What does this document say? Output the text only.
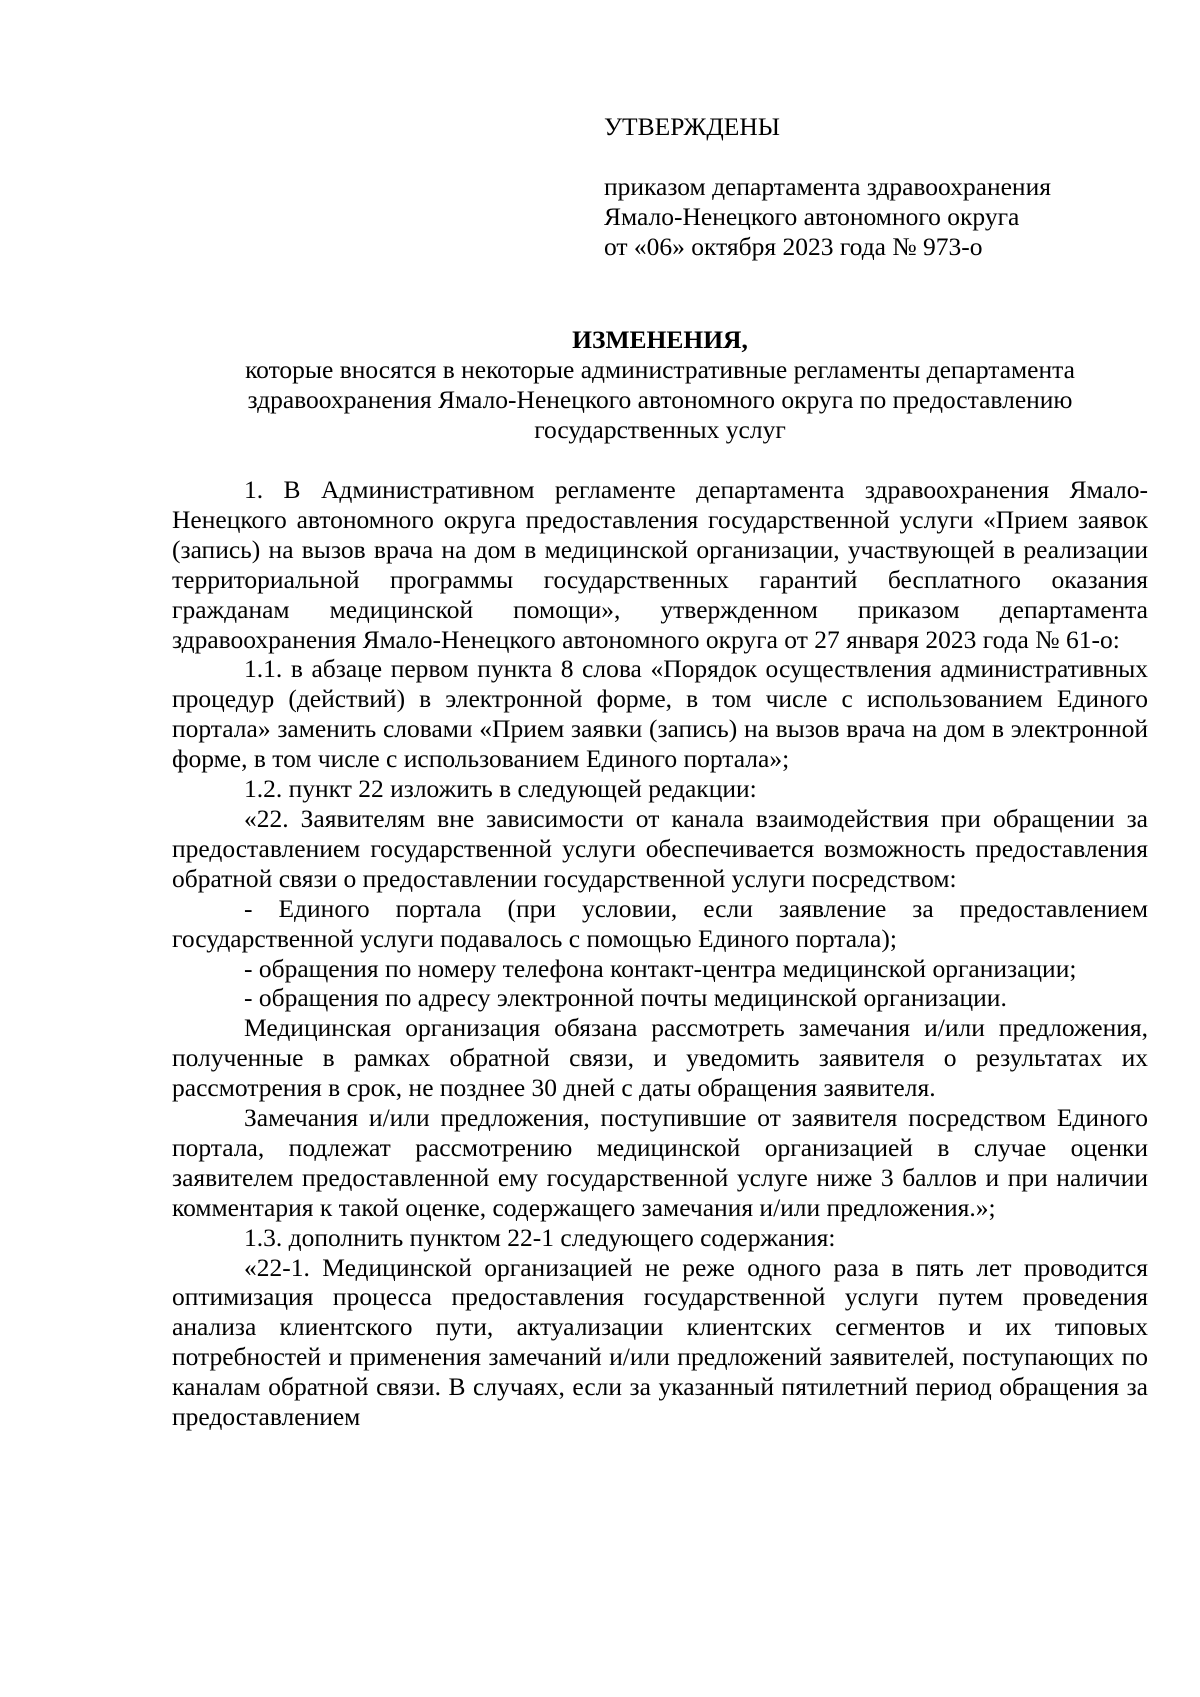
УТВЕРЖДЕНЫ

приказом департамента здравоохранения

Ямало-Ненецкого автономного округа

от «06» октября 2023 года № 973-о

ИЗМЕНЕНИЯ,

которые вносятся в некоторые административные регламенты департамента

здравоохранения Ямало-Ненецкого автономного округа по предоставлению

государственных услуг

1. В Административном регламенте департамента здравоохранения Ямало-Ненецкого автономного округа предоставления государственной услуги «Прием заявок (запись) на вызов врача на дом в медицинской организации, участвующей в реализации территориальной программы государственных гарантий бесплатного оказания гражданам медицинской помощи», утвержденном приказом департамента здравоохранения Ямало-Ненецкого автономного округа от 27 января 2023 года № 61-о:

1.1. в абзаце первом пункта 8 слова «Порядок осуществления административных процедур (действий) в электронной форме, в том числе с использованием Единого портала» заменить словами «Прием заявки (запись) на вызов врача на дом в электронной форме, в том числе с использованием Единого портала»;

1.2. пункт 22 изложить в следующей редакции:

«22. Заявителям вне зависимости от канала взаимодействия при обращении за предоставлением государственной услуги обеспечивается возможность предоставления обратной связи о предоставлении государственной услуги посредством:

- Единого портала (при условии, если заявление за предоставлением государственной услуги подавалось с помощью Единого портала);

- обращения по номеру телефона контакт-центра медицинской организации;

- обращения по адресу электронной почты медицинской организации.

Медицинская организация обязана рассмотреть замечания и/или предложения, полученные в рамках обратной связи, и уведомить заявителя о результатах их рассмотрения в срок, не позднее 30 дней с даты обращения заявителя.

Замечания и/или предложения, поступившие от заявителя посредством Единого портала, подлежат рассмотрению медицинской организацией в случае оценки заявителем предоставленной ему государственной услуге ниже 3 баллов и при наличии комментария к такой оценке, содержащего замечания и/или предложения.»;

1.3. дополнить пунктом 22-1 следующего содержания:

«22-1. Медицинской организацией не реже одного раза в пять лет проводится оптимизация процесса предоставления государственной услуги путем проведения анализа клиентского пути, актуализации клиентских сегментов и их типовых потребностей и применения замечаний и/или предложений заявителей, поступающих по каналам обратной связи. В случаях, если за указанный пятилетний период обращения за предоставлением
